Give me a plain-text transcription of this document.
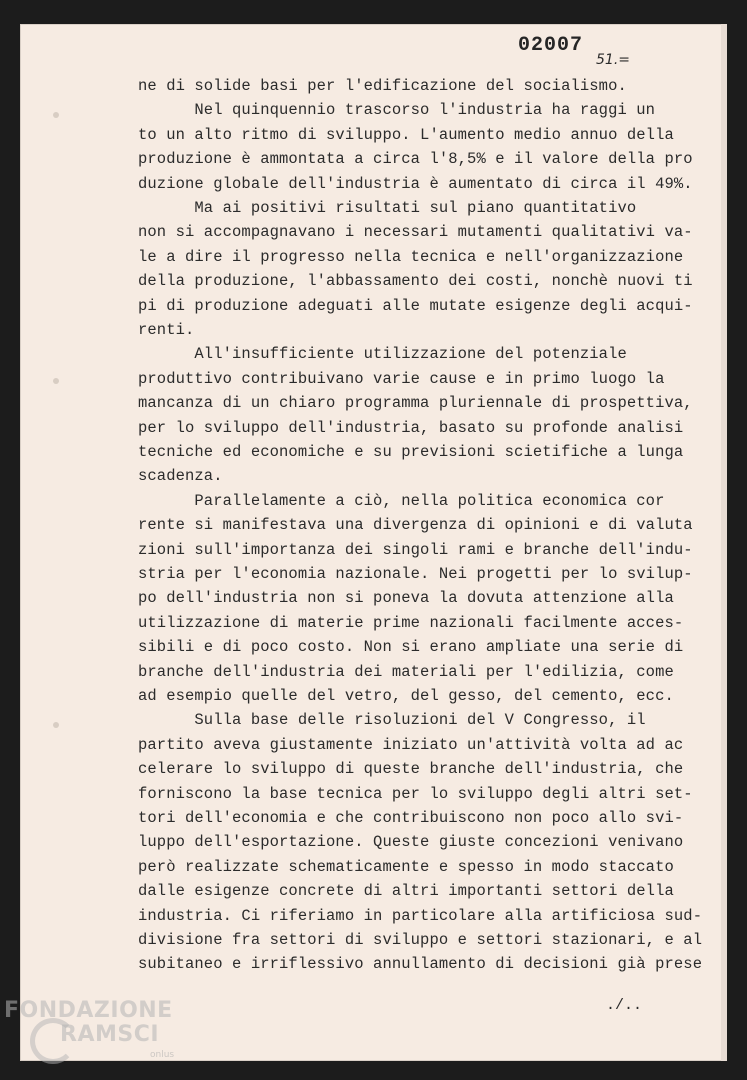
02007
51.=
ne di solide basi per l'edificazione del socialismo.
Nel quinquennio trascorso l'industria ha raggi un
to un alto ritmo di sviluppo. L'aumento medio annuo della
produzione è ammontata a circa l'8,5% e il valore della pro
duzione globale dell'industria è aumentato di circa il 49%.
Ma ai positivi risultati sul piano quantitativo
non si accompagnavano i necessari mutamenti qualitativi va-
le a dire il progresso nella tecnica e nell'organizzazione
della produzione, l'abbassamento dei costi, nonchè nuovi ti
pi di produzione adeguati alle mutate esigenze degli acqui-
renti.
All'insufficiente utilizzazione del potenziale
produttivo contribuivano varie cause e in primo luogo la
mancanza di un chiaro programma pluriennale di prospettiva,
per lo sviluppo dell'industria, basato su profonde analisi
tecniche ed economiche e su previsioni scietifiche a lunga
scadenza.
Parallelamente a ciò, nella politica economica cor
rente si manifestava una divergenza di opinioni e di valuta
zioni sull'importanza dei singoli rami e branche dell'indu-
stria per l'economia nazionale. Nei progetti per lo svilup-
po dell'industria non si poneva la dovuta attenzione alla
utilizzazione di materie prime nazionali facilmente acces-
sibili e di poco costo. Non si erano ampliate una serie di
branche dell'industria dei materiali per l'edilizia, come
ad esempio quelle del vetro, del gesso, del cemento, ecc.
Sulla base delle risoluzioni del V Congresso, il
partito aveva giustamente iniziato un'attività volta ad ac
celerare lo sviluppo di queste branche dell'industria, che
forniscono la base tecnica per lo sviluppo degli altri set-
tori dell'economia e che contribuiscono non poco allo svi-
luppo dell'esportazione. Queste giuste concezioni venivano
però realizzate schematicamente e spesso in modo staccato
dalle esigenze concrete di altri importanti settori della
industria. Ci riferiamo in particolare alla artificiosa sud-
divisione fra settori di sviluppo e settori stazionari, e al
subitaneo e irriflessivo annullamento di decisioni già prese
./..
FONDAZIONE
RAMSCI
onlus
